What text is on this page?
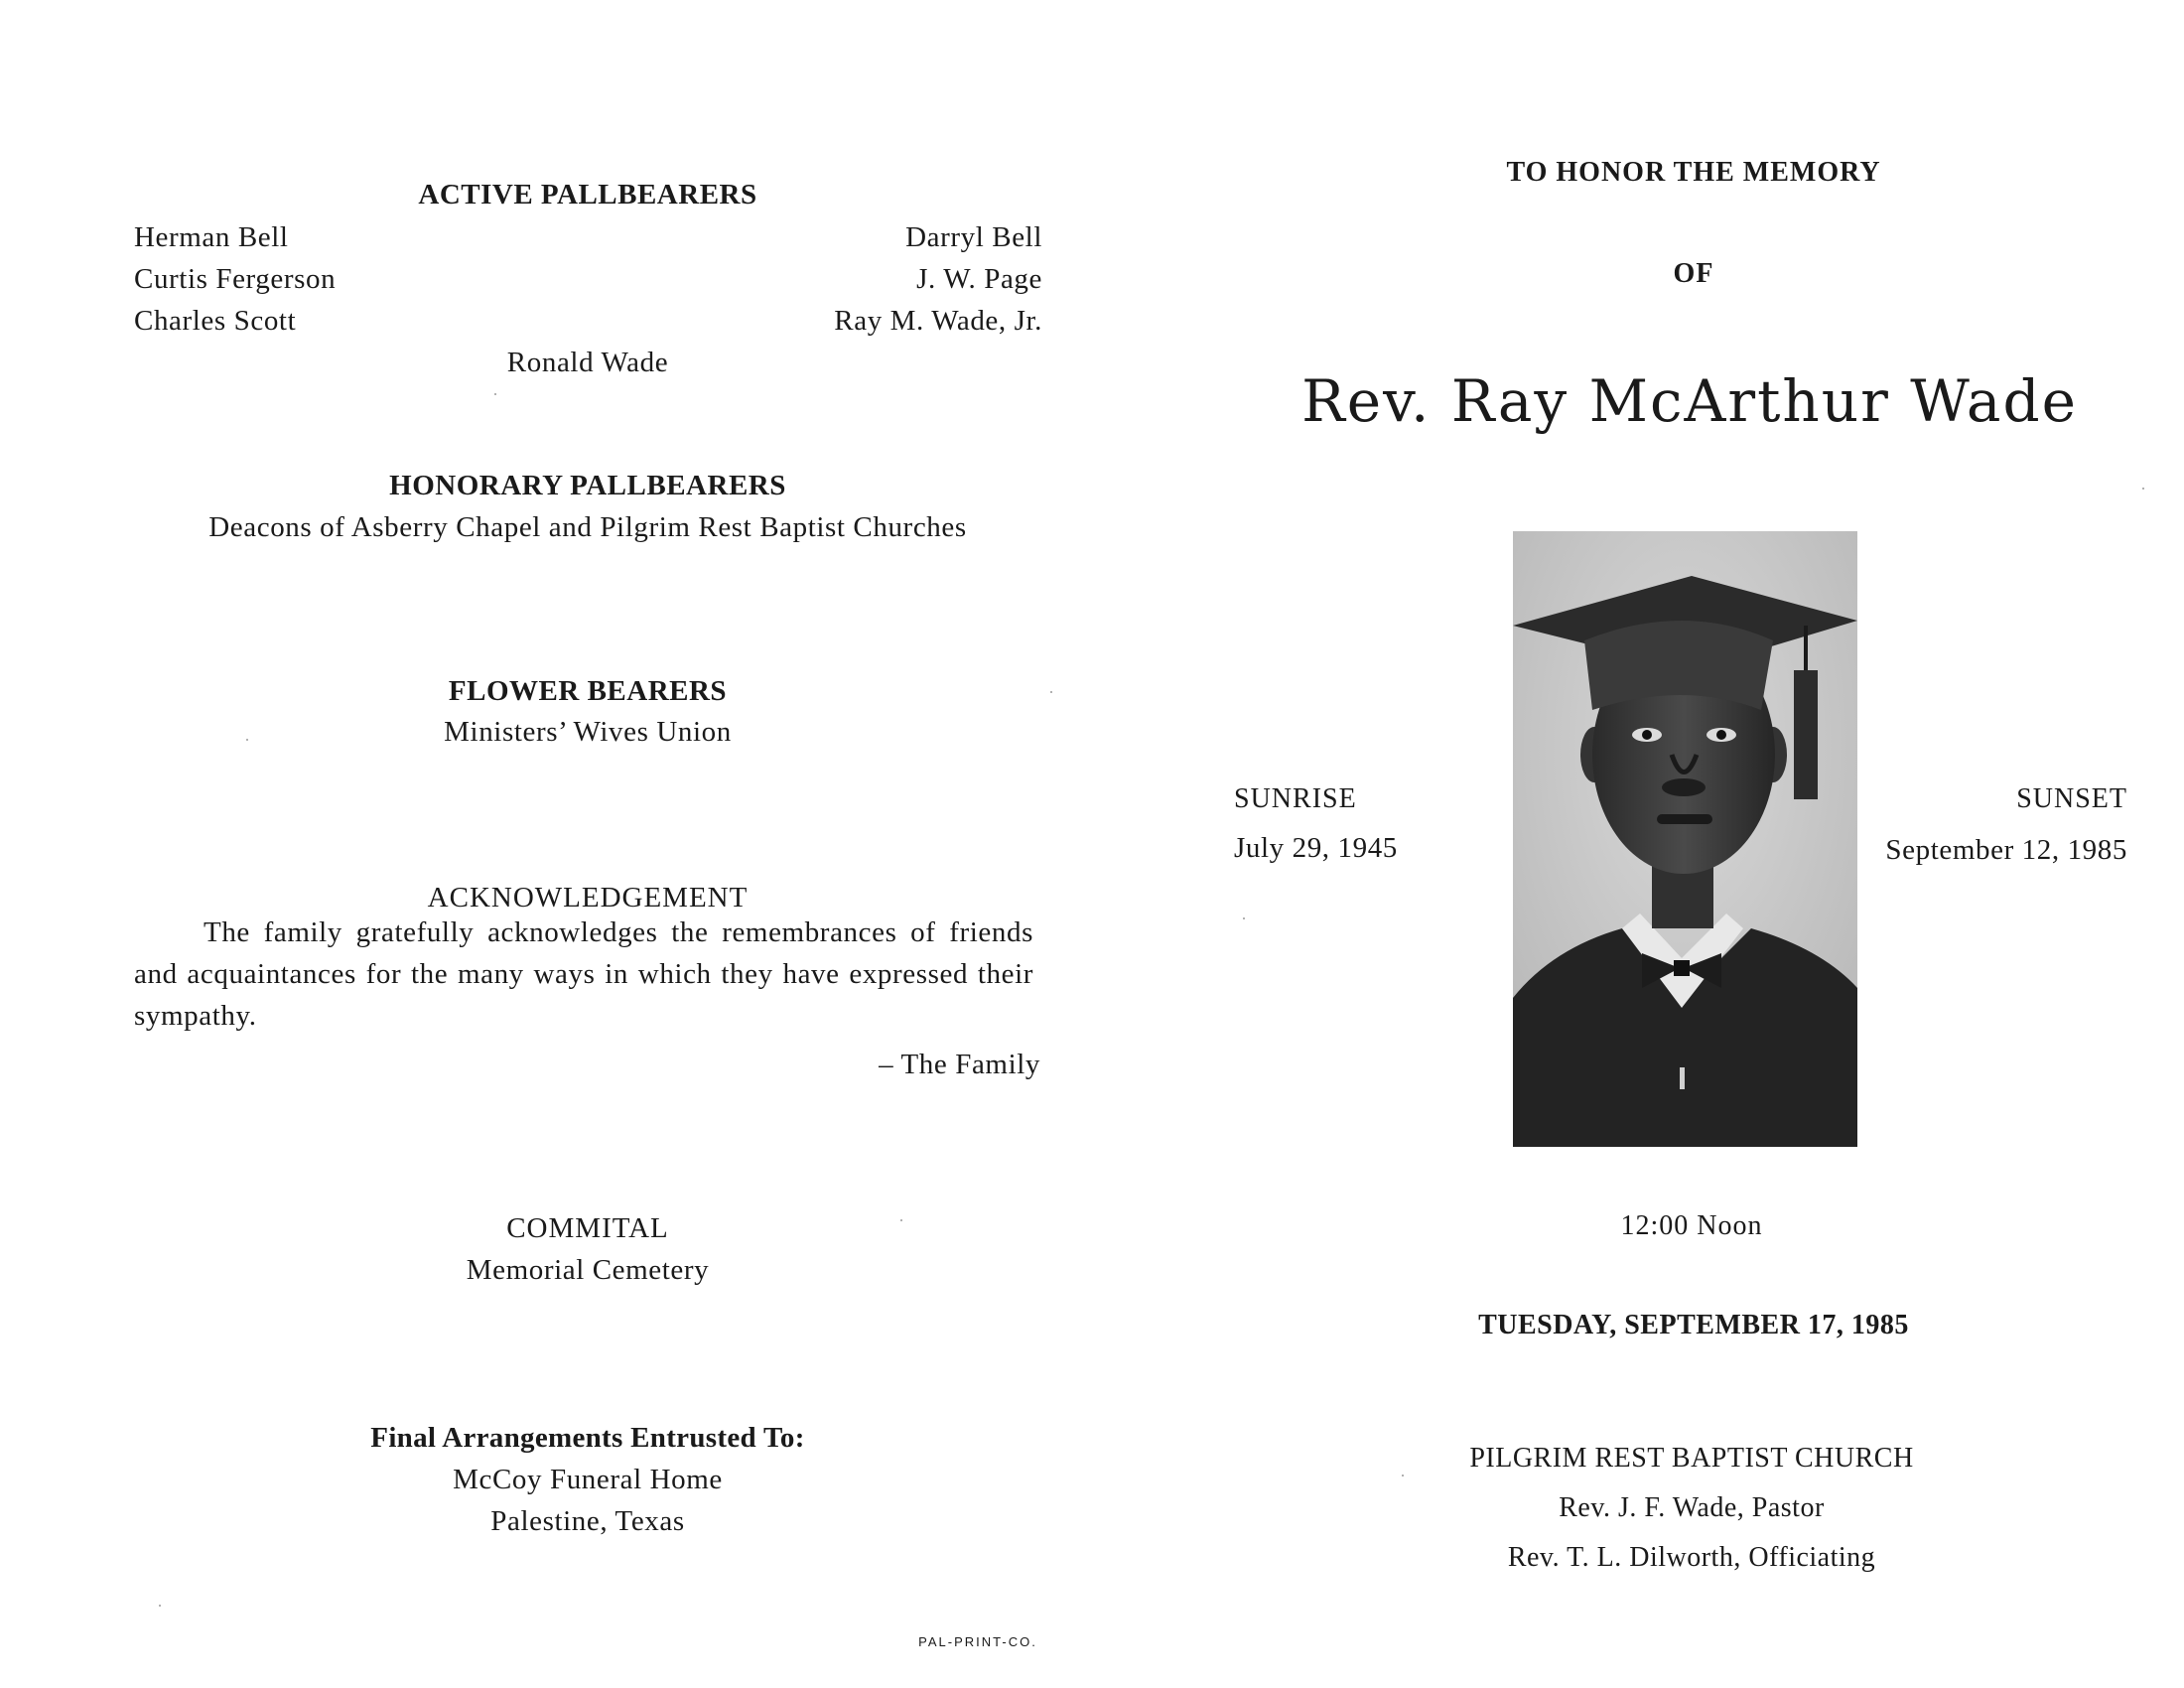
ACTIVE PALLBEARERS
Herman Bell
Curtis Fergerson
Charles Scott
Darryl Bell
J. W. Page
Ray M. Wade, Jr.
Ronald Wade
HONORARY PALLBEARERS
Deacons of Asberry Chapel and Pilgrim Rest Baptist Churches
FLOWER BEARERS
Ministers’ Wives Union
ACKNOWLEDGEMENT
The family gratefully acknowledges the remembrances of friends and acquaintances for the many ways in which they have expressed their sympathy.
– The Family
COMMITAL
Memorial Cemetery
Final Arrangements Entrusted To:
McCoy Funeral Home
Palestine, Texas
PAL-PRINT-CO.
TO HONOR THE MEMORY
OF
Rev. Ray McArthur Wade
SUNRISE
July 29, 1945
SUNSET
September 12, 1985
12:00 Noon
TUESDAY, SEPTEMBER 17, 1985
PILGRIM REST BAPTIST CHURCH
Rev. J. F. Wade, Pastor
Rev. T. L. Dilworth, Officiating
